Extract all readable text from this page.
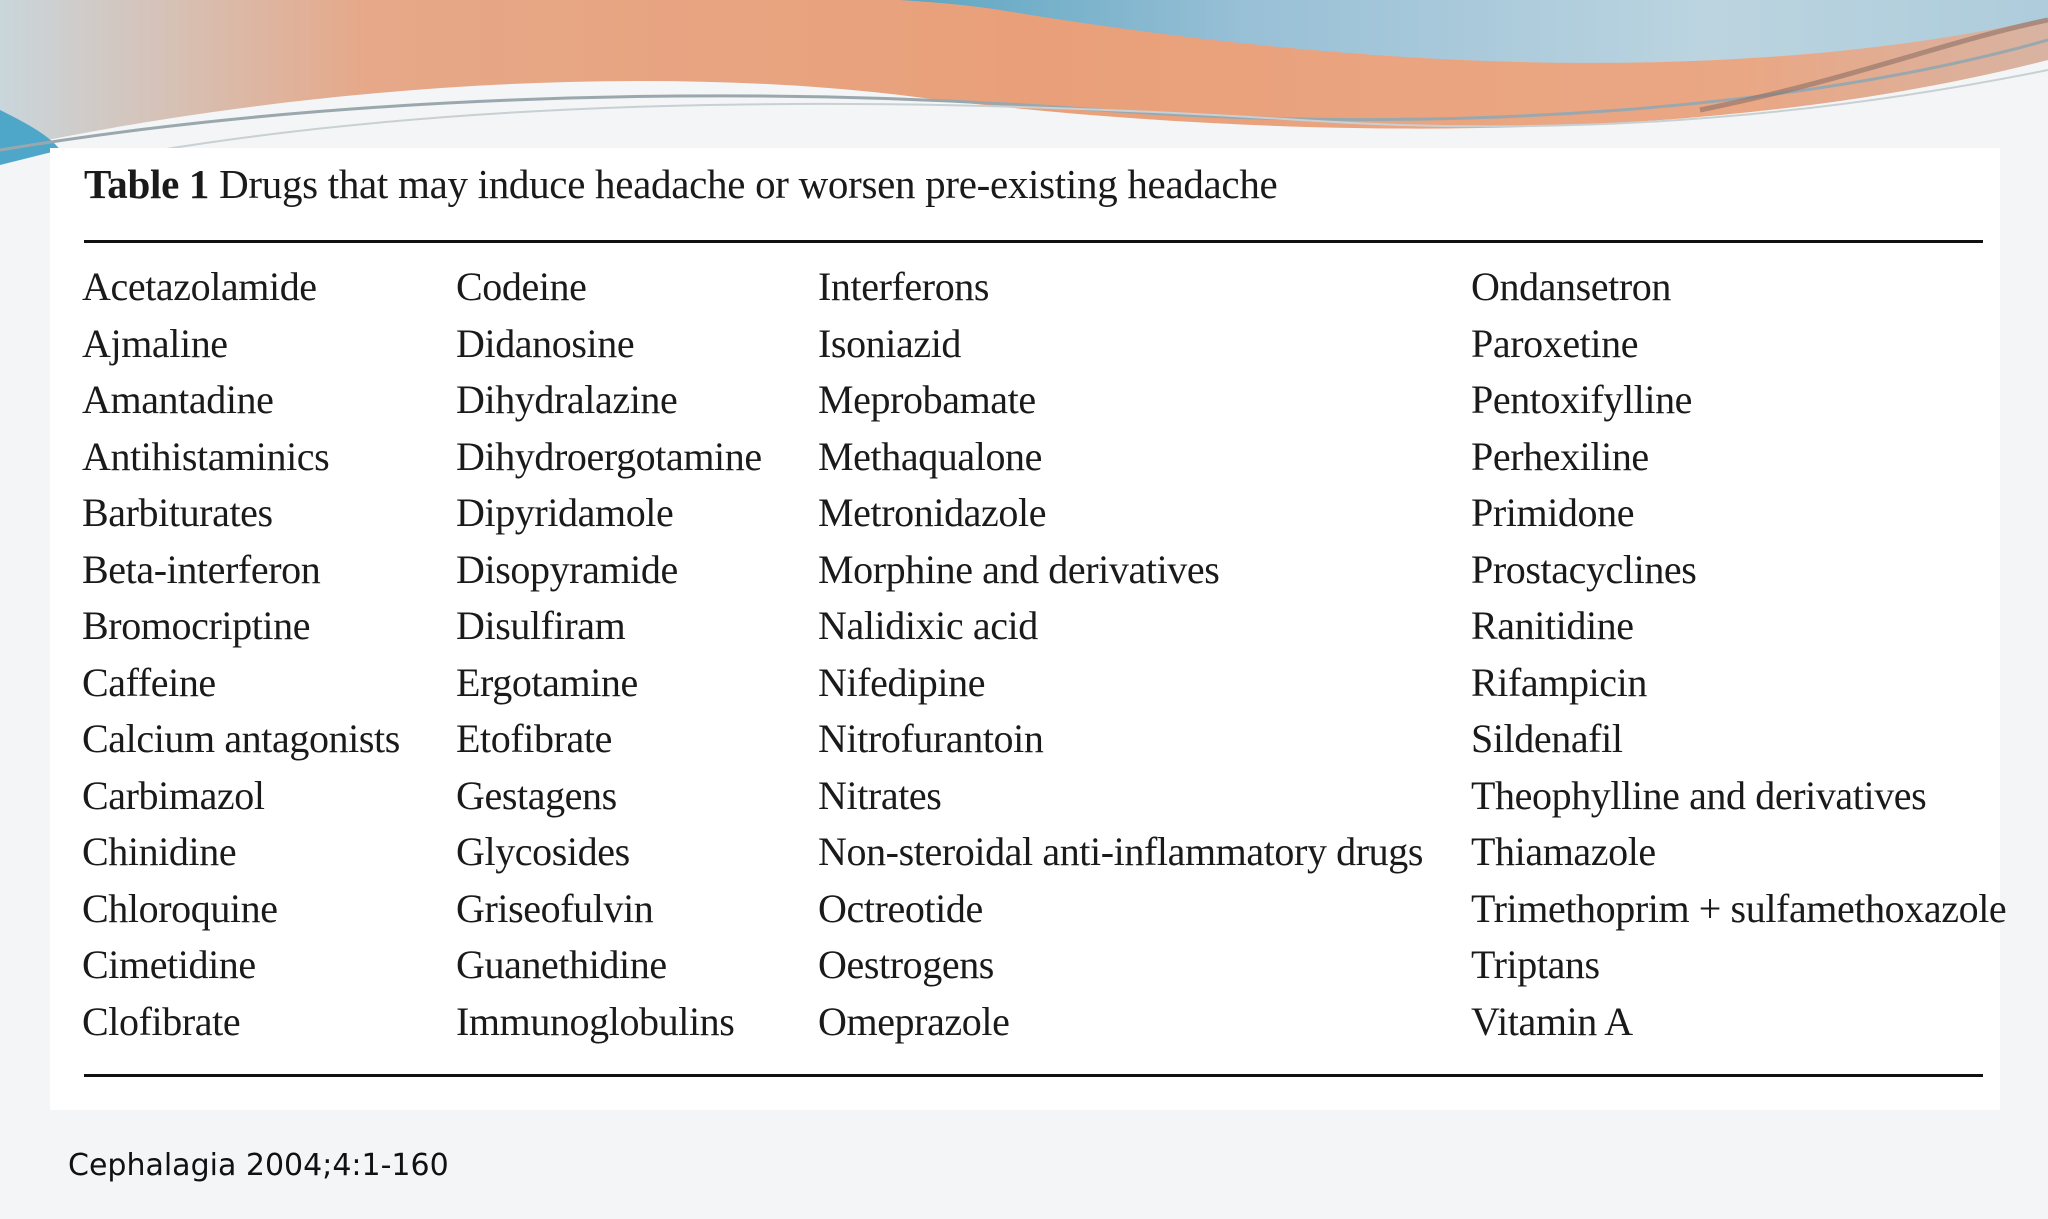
Table 1 Drugs that may induce headache or worsen pre-existing headache
Acetazolamide
Ajmaline
Amantadine
Antihistaminics
Barbiturates
Beta-interferon
Bromocriptine
Caffeine
Calcium antagonists
Carbimazol
Chinidine
Chloroquine
Cimetidine
Clofibrate
Codeine
Didanosine
Dihydralazine
Dihydroergotamine
Dipyridamole
Disopyramide
Disulfiram
Ergotamine
Etofibrate
Gestagens
Glycosides
Griseofulvin
Guanethidine
Immunoglobulins
Interferons
Isoniazid
Meprobamate
Methaqualone
Metronidazole
Morphine and derivatives
Nalidixic acid
Nifedipine
Nitrofurantoin
Nitrates
Non-steroidal anti-inflammatory drugs
Octreotide
Oestrogens
Omeprazole
Ondansetron
Paroxetine
Pentoxifylline
Perhexiline
Primidone
Prostacyclines
Ranitidine
Rifampicin
Sildenafil
Theophylline and derivatives
Thiamazole
Trimethoprim + sulfamethoxazole
Triptans
Vitamin A
Cephalagia 2004;4:1-160
